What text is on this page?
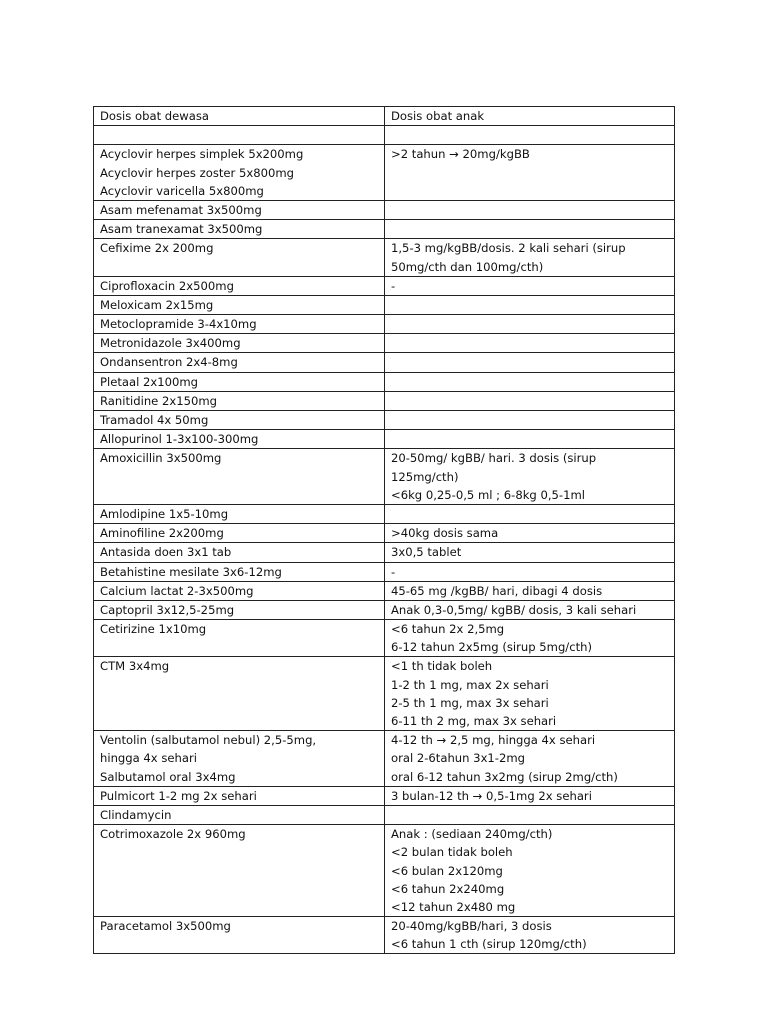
Dosis obat dewasa	Dosis obat anak

Acyclovir herpes simplek 5x200mg
Acyclovir herpes zoster 5x800mg
Acyclovir varicella 5x800mg	>2 tahun → 20mg/kgBB

Asam mefenamat 3x500mg	

Asam tranexamat 3x500mg	

Cefixime 2x 200mg	1,5-3 mg/kgBB/dosis. 2 kali sehari (sirup
50mg/cth dan 100mg/cth)

Ciprofloxacin 2x500mg	-

Meloxicam 2x15mg	

Metoclopramide 3-4x10mg	

Metronidazole 3x400mg	

Ondansentron 2x4-8mg	

Pletaal 2x100mg	

Ranitidine 2x150mg	

Tramadol 4x 50mg	

Allopurinol 1-3x100-300mg	

Amoxicillin 3x500mg	20-50mg/ kgBB/ hari. 3 dosis (sirup
125mg/cth)
<6kg 0,25-0,5 ml ; 6-8kg 0,5-1ml

Amlodipine 1x5-10mg	

Aminofiline 2x200mg	>40kg dosis sama

Antasida doen 3x1 tab	3x0,5 tablet

Betahistine mesilate 3x6-12mg	-

Calcium lactat 2-3x500mg	45-65 mg /kgBB/ hari, dibagi 4 dosis

Captopril 3x12,5-25mg	Anak 0,3-0,5mg/ kgBB/ dosis, 3 kali sehari

Cetirizine 1x10mg	<6 tahun 2x 2,5mg
6-12 tahun 2x5mg (sirup 5mg/cth)

CTM 3x4mg	<1 th tidak boleh
1-2 th 1 mg, max 2x sehari
2-5 th 1 mg, max 3x sehari
6-11 th 2 mg, max 3x sehari

Ventolin (salbutamol nebul) 2,5-5mg,
hingga 4x sehari
Salbutamol oral 3x4mg	4-12 th → 2,5 mg, hingga 4x sehari
oral 2-6tahun 3x1-2mg
oral 6-12 tahun 3x2mg (sirup 2mg/cth)

Pulmicort 1-2 mg 2x sehari	3 bulan-12 th → 0,5-1mg 2x sehari

Clindamycin	

Cotrimoxazole 2x 960mg	Anak : (sediaan 240mg/cth)
<2 bulan tidak boleh
<6 bulan 2x120mg
<6 tahun 2x240mg
<12 tahun 2x480 mg

Paracetamol 3x500mg	20-40mg/kgBB/hari, 3 dosis
<6 tahun 1 cth (sirup 120mg/cth)
